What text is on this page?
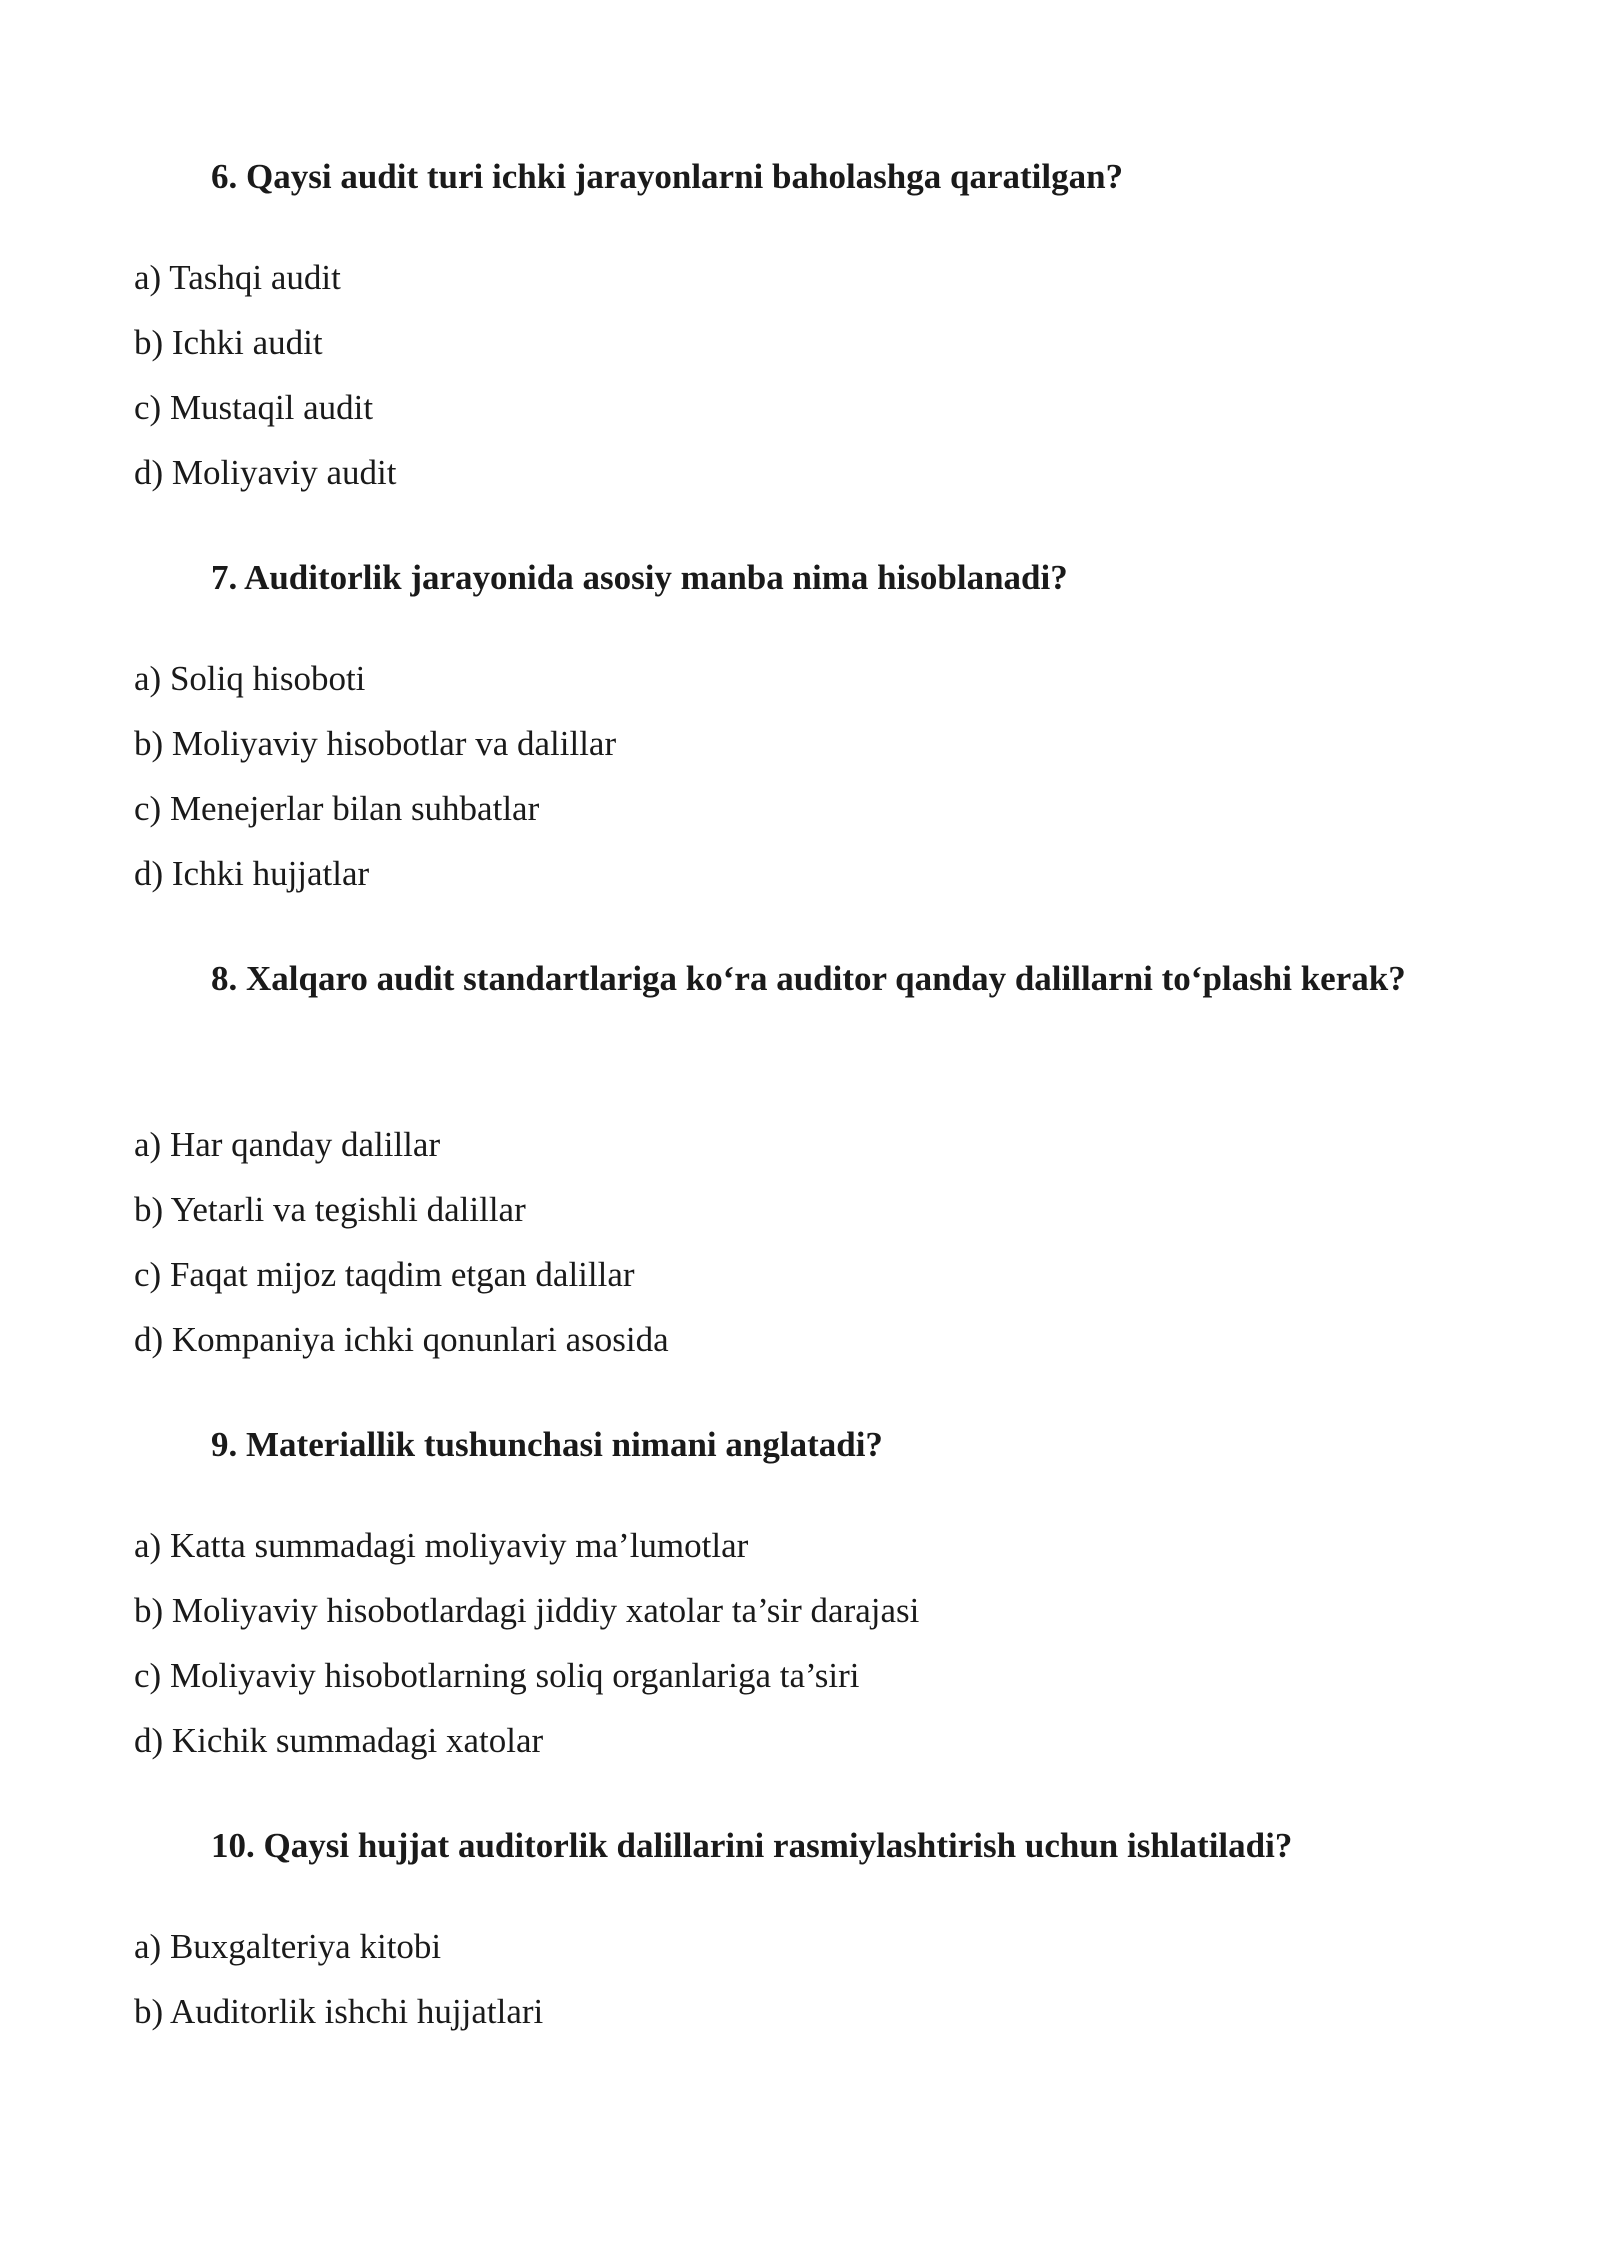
6. Qaysi audit turi ichki jarayonlarni baholashga qaratilgan?
a) Tashqi audit
b) Ichki audit
c) Mustaqil audit
d) Moliyaviy audit
7. Auditorlik jarayonida asosiy manba nima hisoblanadi?
a) Soliq hisoboti
b) Moliyaviy hisobotlar va dalillar
c) Menejerlar bilan suhbatlar
d) Ichki hujjatlar
8. Xalqaro audit standartlariga ko‘ra auditor qanday dalillarni to‘plashi kerak?
a) Har qanday dalillar
b) Yetarli va tegishli dalillar
c) Faqat mijoz taqdim etgan dalillar
d) Kompaniya ichki qonunlari asosida
9. Materiallik tushunchasi nimani anglatadi?
a) Katta summadagi moliyaviy ma’lumotlar
b) Moliyaviy hisobotlardagi jiddiy xatolar ta’sir darajasi
c) Moliyaviy hisobotlarning soliq organlariga ta’siri
d) Kichik summadagi xatolar
10. Qaysi hujjat auditorlik dalillarini rasmiylashtirish uchun ishlatiladi?
a) Buxgalteriya kitobi
b) Auditorlik ishchi hujjatlari
